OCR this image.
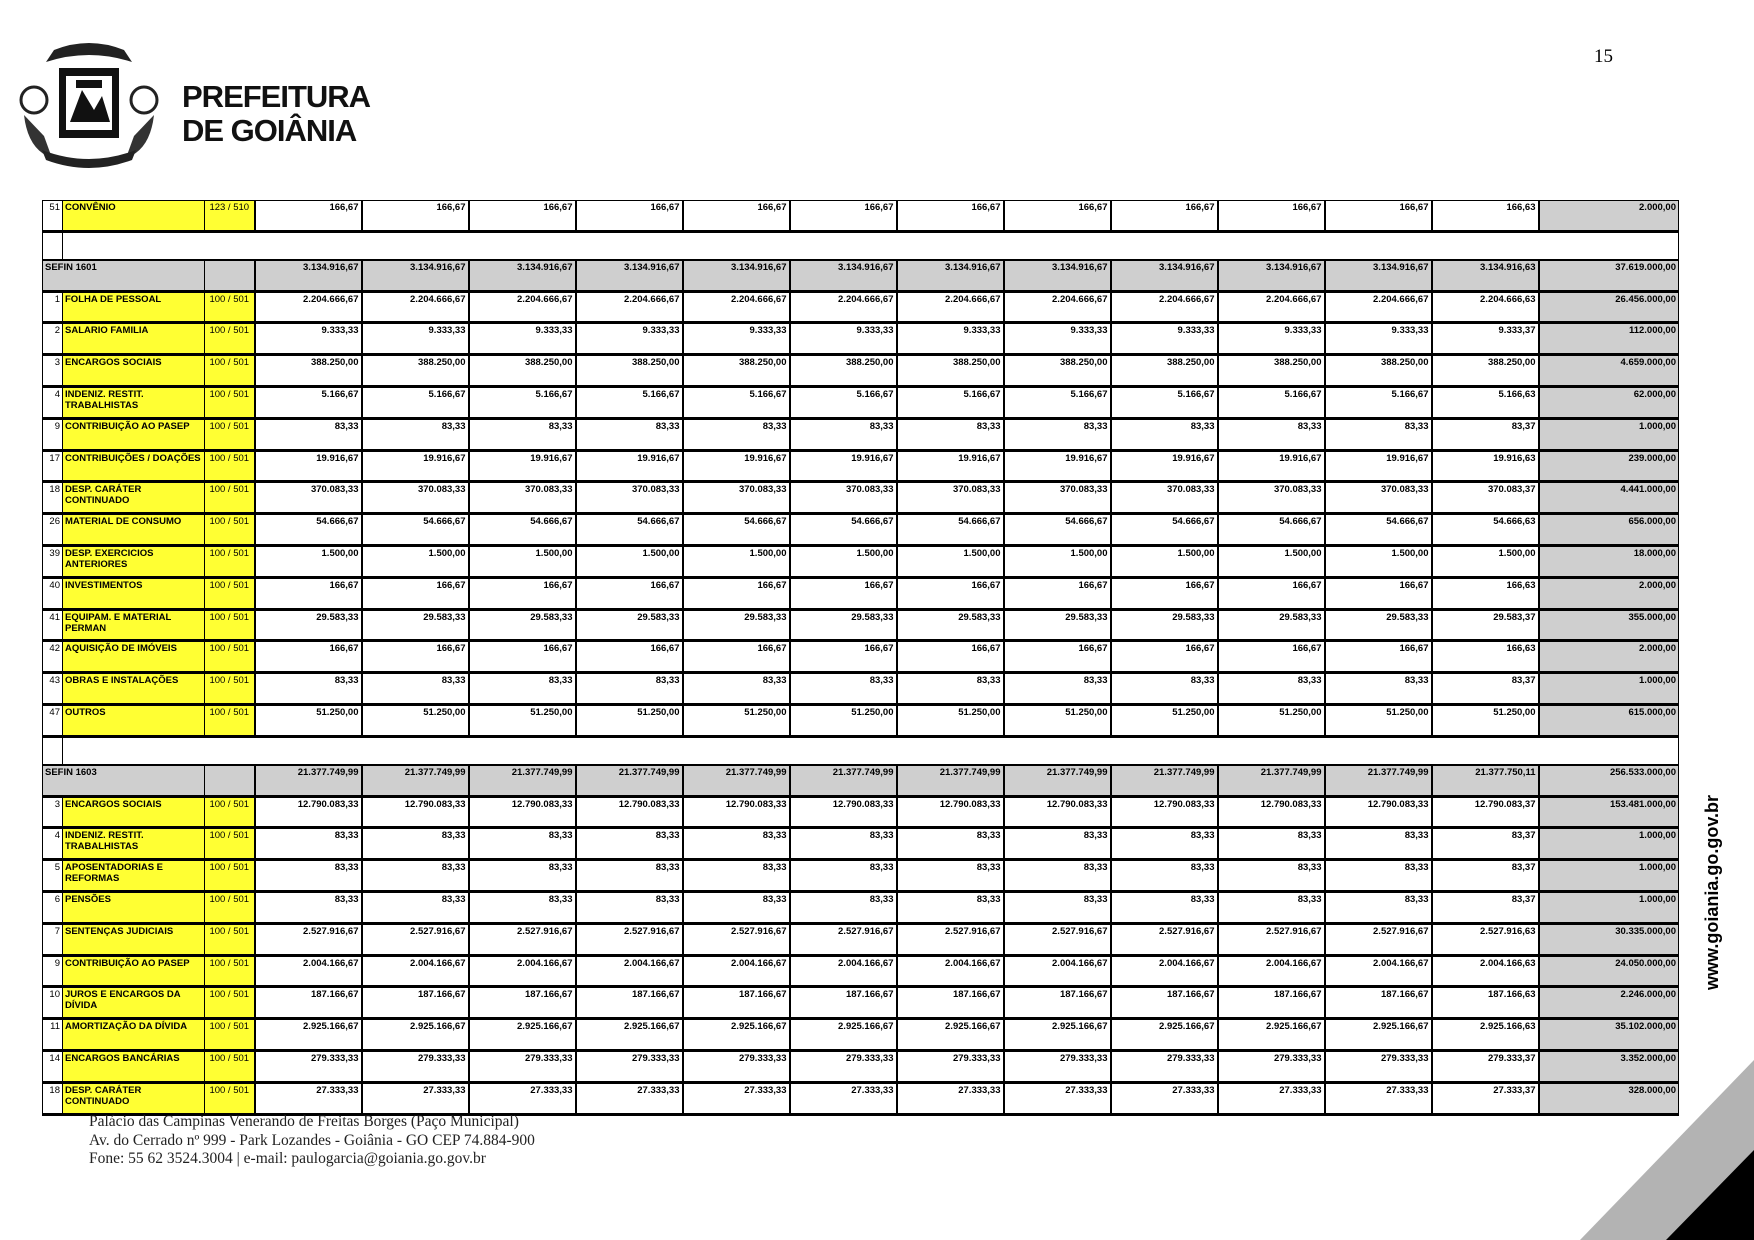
15
PREFEITURA
DE GOIÂNIA
51	CONVÊNIO	123 / 510	166,67	166,67	166,67	166,67	166,67	166,67	166,67	166,67	166,67	166,67	166,67	166,63	2.000,00

SEFIN 1601			3.134.916,67	3.134.916,67	3.134.916,67	3.134.916,67	3.134.916,67	3.134.916,67	3.134.916,67	3.134.916,67	3.134.916,67	3.134.916,67	3.134.916,67	3.134.916,63	37.619.000,00
1	FOLHA DE PESSOAL	100 / 501	2.204.666,67	2.204.666,67	2.204.666,67	2.204.666,67	2.204.666,67	2.204.666,67	2.204.666,67	2.204.666,67	2.204.666,67	2.204.666,67	2.204.666,67	2.204.666,63	26.456.000,00
2	SALARIO FAMILIA	100 / 501	9.333,33	9.333,33	9.333,33	9.333,33	9.333,33	9.333,33	9.333,33	9.333,33	9.333,33	9.333,33	9.333,33	9.333,37	112.000,00
3	ENCARGOS SOCIAIS	100 / 501	388.250,00	388.250,00	388.250,00	388.250,00	388.250,00	388.250,00	388.250,00	388.250,00	388.250,00	388.250,00	388.250,00	388.250,00	4.659.000,00
4	INDENIZ. RESTIT. TRABALHISTAS	100 / 501	5.166,67	5.166,67	5.166,67	5.166,67	5.166,67	5.166,67	5.166,67	5.166,67	5.166,67	5.166,67	5.166,67	5.166,63	62.000,00
9	CONTRIBUIÇÃO AO PASEP	100 / 501	83,33	83,33	83,33	83,33	83,33	83,33	83,33	83,33	83,33	83,33	83,33	83,37	1.000,00
17	CONTRIBUIÇÕES / DOAÇÕES	100 / 501	19.916,67	19.916,67	19.916,67	19.916,67	19.916,67	19.916,67	19.916,67	19.916,67	19.916,67	19.916,67	19.916,67	19.916,63	239.000,00
18	DESP. CARÁTER CONTINUADO	100 / 501	370.083,33	370.083,33	370.083,33	370.083,33	370.083,33	370.083,33	370.083,33	370.083,33	370.083,33	370.083,33	370.083,33	370.083,37	4.441.000,00
26	MATERIAL DE CONSUMO	100 / 501	54.666,67	54.666,67	54.666,67	54.666,67	54.666,67	54.666,67	54.666,67	54.666,67	54.666,67	54.666,67	54.666,67	54.666,63	656.000,00
39	DESP. EXERCICIOS ANTERIORES	100 / 501	1.500,00	1.500,00	1.500,00	1.500,00	1.500,00	1.500,00	1.500,00	1.500,00	1.500,00	1.500,00	1.500,00	1.500,00	18.000,00
40	INVESTIMENTOS	100 / 501	166,67	166,67	166,67	166,67	166,67	166,67	166,67	166,67	166,67	166,67	166,67	166,63	2.000,00
41	EQUIPAM. E MATERIAL PERMAN	100 / 501	29.583,33	29.583,33	29.583,33	29.583,33	29.583,33	29.583,33	29.583,33	29.583,33	29.583,33	29.583,33	29.583,33	29.583,37	355.000,00
42	AQUISIÇÃO DE IMÓVEIS	100 / 501	166,67	166,67	166,67	166,67	166,67	166,67	166,67	166,67	166,67	166,67	166,67	166,63	2.000,00
43	OBRAS E INSTALAÇÕES	100 / 501	83,33	83,33	83,33	83,33	83,33	83,33	83,33	83,33	83,33	83,33	83,33	83,37	1.000,00
47	OUTROS	100 / 501	51.250,00	51.250,00	51.250,00	51.250,00	51.250,00	51.250,00	51.250,00	51.250,00	51.250,00	51.250,00	51.250,00	51.250,00	615.000,00

SEFIN 1603			21.377.749,99	21.377.749,99	21.377.749,99	21.377.749,99	21.377.749,99	21.377.749,99	21.377.749,99	21.377.749,99	21.377.749,99	21.377.749,99	21.377.749,99	21.377.750,11	256.533.000,00
3	ENCARGOS SOCIAIS	100 / 501	12.790.083,33	12.790.083,33	12.790.083,33	12.790.083,33	12.790.083,33	12.790.083,33	12.790.083,33	12.790.083,33	12.790.083,33	12.790.083,33	12.790.083,33	12.790.083,37	153.481.000,00
4	INDENIZ. RESTIT. TRABALHISTAS	100 / 501	83,33	83,33	83,33	83,33	83,33	83,33	83,33	83,33	83,33	83,33	83,33	83,37	1.000,00
5	APOSENTADORIAS E REFORMAS	100 / 501	83,33	83,33	83,33	83,33	83,33	83,33	83,33	83,33	83,33	83,33	83,33	83,37	1.000,00
6	PENSÕES	100 / 501	83,33	83,33	83,33	83,33	83,33	83,33	83,33	83,33	83,33	83,33	83,33	83,37	1.000,00
7	SENTENÇAS JUDICIAIS	100 / 501	2.527.916,67	2.527.916,67	2.527.916,67	2.527.916,67	2.527.916,67	2.527.916,67	2.527.916,67	2.527.916,67	2.527.916,67	2.527.916,67	2.527.916,67	2.527.916,63	30.335.000,00
9	CONTRIBUIÇÃO AO PASEP	100 / 501	2.004.166,67	2.004.166,67	2.004.166,67	2.004.166,67	2.004.166,67	2.004.166,67	2.004.166,67	2.004.166,67	2.004.166,67	2.004.166,67	2.004.166,67	2.004.166,63	24.050.000,00
10	JUROS E ENCARGOS DA DÍVIDA	100 / 501	187.166,67	187.166,67	187.166,67	187.166,67	187.166,67	187.166,67	187.166,67	187.166,67	187.166,67	187.166,67	187.166,67	187.166,63	2.246.000,00
11	AMORTIZAÇÃO DA DÍVIDA	100 / 501	2.925.166,67	2.925.166,67	2.925.166,67	2.925.166,67	2.925.166,67	2.925.166,67	2.925.166,67	2.925.166,67	2.925.166,67	2.925.166,67	2.925.166,67	2.925.166,63	35.102.000,00
14	ENCARGOS BANCÁRIAS	100 / 501	279.333,33	279.333,33	279.333,33	279.333,33	279.333,33	279.333,33	279.333,33	279.333,33	279.333,33	279.333,33	279.333,33	279.333,37	3.352.000,00
18	DESP. CARÁTER CONTINUADO	100 / 501	27.333,33	27.333,33	27.333,33	27.333,33	27.333,33	27.333,33	27.333,33	27.333,33	27.333,33	27.333,33	27.333,33	27.333,37	328.000,00
www.goiania.go.gov.br
Palácio das Campinas Venerando de Freitas Borges (Paço Municipal)
Av. do Cerrado nº 999 - Park Lozandes - Goiânia - GO CEP 74.884-900
Fone: 55 62 3524.3004 | e-mail: paulogarcia@goiania.go.gov.br
